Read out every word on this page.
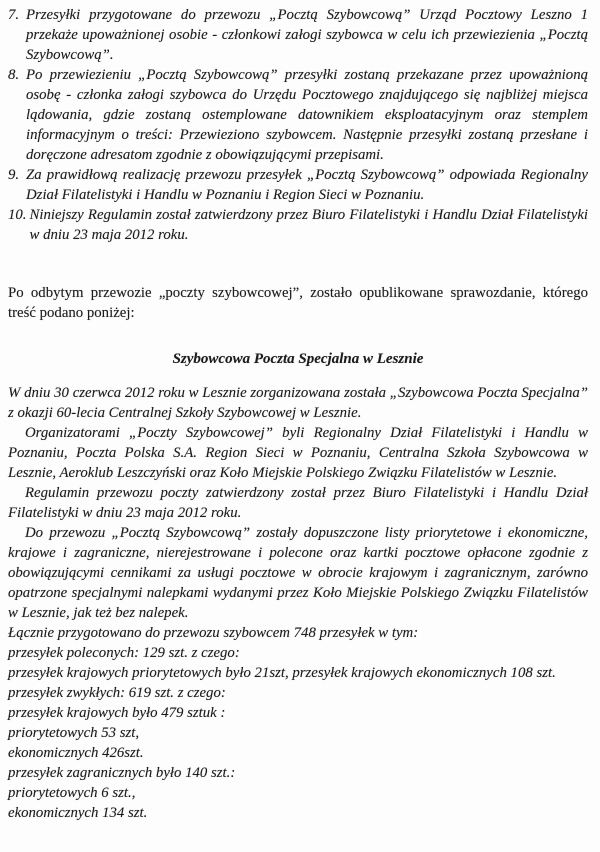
7. Przesyłki przygotowane do przewozu „Pocztą Szybowcową” Urząd Pocztowy Leszno 1 przekaże upoważnionej osobie - członkowi załogi szybowca w celu ich przewiezienia „Pocztą Szybowcową”.
8. Po przewiezieniu „Pocztą Szybowcową” przesyłki zostaną przekazane przez upoważnioną osobę - członka załogi szybowca do Urzędu Pocztowego znajdującego się najbliżej miejsca lądowania, gdzie zostaną ostemplowane datownikiem eksploatacyjnym oraz stemplem informacyjnym o treści: Przewieziono szybowcem. Następnie przesyłki zostaną przesłane i doręczone adresatom zgodnie z obowiązującymi przepisami.
9. Za prawidłową realizację przewozu przesyłek „Pocztą Szybowcową” odpowiada Regionalny Dział Filatelistyki i Handlu w Poznaniu i Region Sieci w Poznaniu.
10. Niniejszy Regulamin został zatwierdzony przez Biuro Filatelistyki i Handlu Dział Filatelistyki w dniu 23 maja 2012 roku.
Po odbytym przewozie „poczty szybowcowej”, zostało opublikowane sprawozdanie, którego treść podano poniżej:
Szybowcowa Poczta Specjalna w Lesznie
W dniu 30 czerwca 2012 roku w Lesznie zorganizowana została „Szybowcowa Poczta Specjalna” z okazji 60-lecia Centralnej Szkoły Szybowcowej w Lesznie.
Organizatorami „Poczty Szybowcowej” byli Regionalny Dział Filatelistyki i Handlu w Poznaniu, Poczta Polska S.A. Region Sieci w Poznaniu, Centralna Szkoła Szybowcowa w Lesznie, Aeroklub Leszczyński oraz Koło Miejskie Polskiego Związku Filatelistów w Lesznie.
Regulamin przewozu poczty zatwierdzony został przez Biuro Filatelistyki i Handlu Dział Filatelistyki w dniu 23 maja 2012 roku.
Do przewozu „Pocztą Szybowcową” zostały dopuszczone listy priorytetowe i ekonomiczne, krajowe i zagraniczne, nierejestrowane i polecone oraz kartki pocztowe opłacone zgodnie z obowiązującymi cennikami za usługi pocztowe w obrocie krajowym i zagranicznym, zarówno opatrzone specjalnymi nalepkami wydanymi przez Koło Miejskie Polskiego Związku Filatelistów w Lesznie, jak też bez nalepek.
Łącznie przygotowano do przewozu szybowcem 748 przesyłek w tym:
przesyłek poleconych: 129 szt. z czego:
przesyłek krajowych priorytetowych było 21szt, przesyłek krajowych ekonomicznych 108 szt.
przesyłek zwykłych: 619 szt. z czego:
przesyłek krajowych było 479 sztuk :
priorytetowych 53 szt,
ekonomicznych 426szt.
przesyłek zagranicznych było 140 szt.:
priorytetowych 6 szt.,
ekonomicznych 134 szt.
